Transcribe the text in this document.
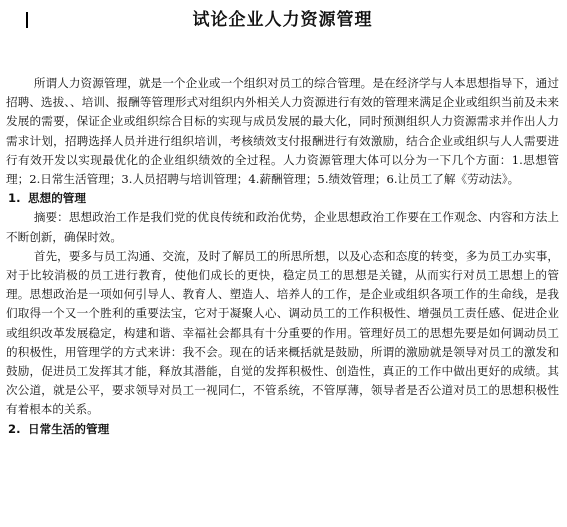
试论企业人力资源管理

所谓人力资源管理，就是一个企业或一个组织对员工的综合管理。是在经济学与人本思想指导下，通过招聘、选拔、、培训、报酬等管理形式对组织内外相关人力资源进行有效的管理来满足企业或组织当前及未来发展的需要，保证企业或组织综合目标的实现与成员发展的最大化，同时预测组织人力资源需求并作出人力需求计划，招聘选择人员并进行组织培训，考核绩效支付报酬进行有效激励，结合企业或组织与人人需要进行有效开发以实现最优化的企业组织绩效的全过程。人力资源管理大体可以分为一下几个方面：1.思想管理；2.日常生活管理；3.人员招聘与培训管理；4.薪酬管理；5.绩效管理；6.让员工了解《劳动法》。

1. 思想的管理

摘要：思想政治工作是我们党的优良传统和政治优势，企业思想政治工作要在工作观念、内容和方法上不断创新，确保时效。

首先，要多与员工沟通、交流，及时了解员工的所思所想，以及心态和态度的转变，多为员工办实事，对于比较消极的员工进行教育，使他们成长的更快，稳定员工的思想是关键，从而实行对员工思想上的管理。思想政治是一项如何引导人、教育人、塑造人、培养人的工作，是企业或组织各项工作的生命线，是我们取得一个又一个胜利的重要法宝，它对于凝聚人心、调动员工的工作积极性、增强员工责任感、促进企业或组织改革发展稳定，构建和谐、幸福社会都具有十分重要的作用。管理好员工的思想先要是如何调动员工的积极性，用管理学的方式来讲：我不会。现在的话来概括就是鼓励，所谓的激励就是领导对员工的激发和鼓励，促进员工发挥其才能，释放其潜能，自觉的发挥积极性、创造性，真正的工作中做出更好的成绩。其次公道，就是公平，要求领导对员工一视同仁，不管系统，不管厚薄，领导者是否公道对员工的思想积极性有着根本的关系。

2. 日常生活的管理
